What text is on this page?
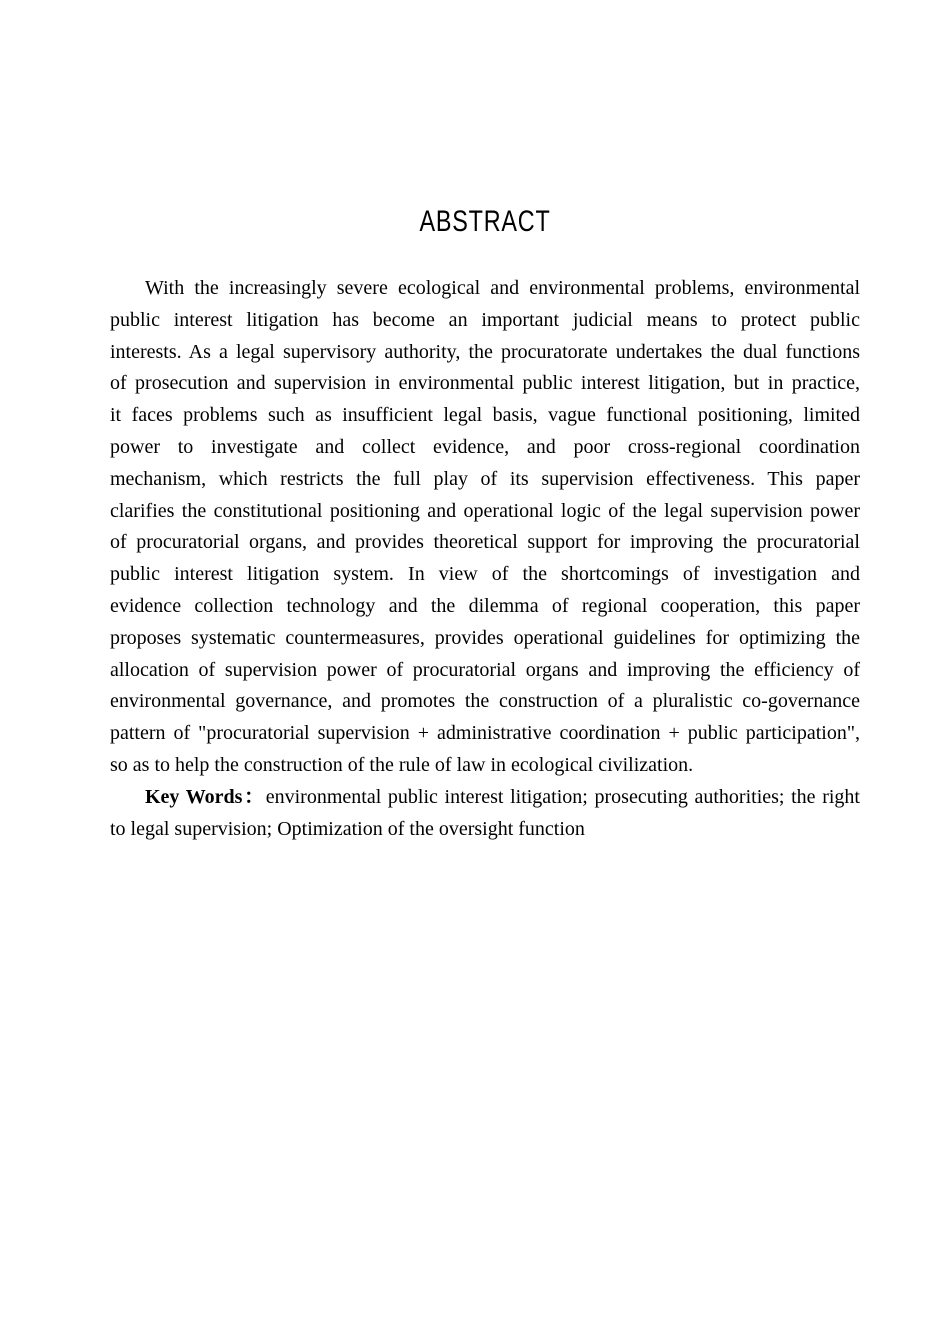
ABSTRACT
With the increasingly severe ecological and environmental problems, environmental
public interest litigation has become an important judicial means to protect public
interests. As a legal supervisory authority, the procuratorate undertakes the dual functions
of prosecution and supervision in environmental public interest litigation, but in practice,
it faces problems such as insufficient legal basis, vague functional positioning, limited
power to investigate and collect evidence, and poor cross-regional coordination
mechanism, which restricts the full play of its supervision effectiveness. This paper
clarifies the constitutional positioning and operational logic of the legal supervision power
of procuratorial organs, and provides theoretical support for improving the procuratorial
public interest litigation system. In view of the shortcomings of investigation and
evidence collection technology and the dilemma of regional cooperation, this paper
proposes systematic countermeasures, provides operational guidelines for optimizing the
allocation of supervision power of procuratorial organs and improving the efficiency of
environmental governance, and promotes the construction of a pluralistic co-governance
pattern of "procuratorial supervision + administrative coordination + public participation",
so as to help the construction of the rule of law in ecological civilization.
Key Words：environmental public interest litigation; prosecuting authorities; the right
to legal supervision; Optimization of the oversight function
